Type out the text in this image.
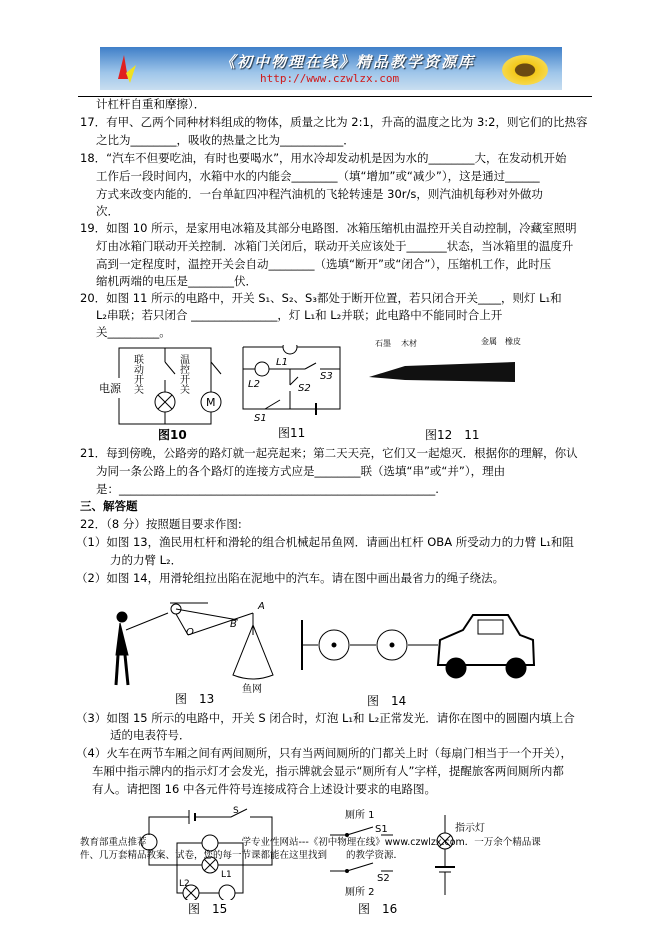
《初中物理在线》精品教学资源库
http://www.czwlzx.com
计杠杆自重和摩擦）．
17．有甲、乙两个同种材料组成的物体，质量之比为 2:1，升高的温度之比为 3:2，则它们的比热容
之比为________，吸收的热量之比为___________．
18．“汽车不但要吃油，有时也要喝水”，用水冷却发动机是因为水的________大，在发动机开始
工作后一段时间内，水箱中水的内能会________（填“增加”或“减少”），这是通过______
方式来改变内能的．一台单缸四冲程汽油机的飞轮转速是 30r/s，则汽油机每秒对外做功
次．
19．如图 10 所示，是家用电冰箱及其部分电路图．冰箱压缩机由温控开关自动控制，冷藏室照明
灯由冰箱门联动开关控制．冰箱门关闭后，联动开关应该处于_______状态，当冰箱里的温度升
高到一定程度时，温控开关会自动________（选填“断开”或“闭合”），压缩机工作，此时压
缩机两端的电压是________伏．
20．如图 11 所示的电路中，开关 S₁、S₂、S₃都处于断开位置，若只闭合开关____，则灯 L₁和
L₂串联；若只闭合 _______________，灯 L₁和 L₂并联；此电路中不能同时合上开
关_________。
电源 联动开关	温控开关
M
图10
L1
L2
S1
S2
S3
图11
石墨 木材	金属 橡皮
图12　11
21．每到傍晚，公路旁的路灯就一起亮起来；第二天天亮，它们又一起熄灭．根据你的理解，你认
为同一条公路上的各个路灯的连接方式应是________联（选填“串”或“并”），理由
是：_______________________________________________________.
三、解答题
22．（8 分）按照题目要求作图:
（1）如图 13，渔民用杠杆和滑轮的组合机械起吊鱼网．请画出杠杆 OBA 所受动力的力臂 L₁和阻
力的力臂 L₂．
（2）如图 14，用滑轮组拉出陷在泥地中的汽车。请在图中画出最省力的绳子绕法。
O
B
A
鱼网
图　13	图　14
（3）如图 15 所示的电路中，开关 S 闭合时，灯泡 L₁和 L₂正常发光．请你在图中的圆圈内填上合
适的电表符号．
（4）火车在两节车厢之间有两间厕所，只有当两间厕所的门都关上时（每扇门相当于一个开关），
车厢中指示牌内的指示灯才会发光，指示牌就会显示“厕所有人”字样，提醒旅客两间厕所内都
有人。请把图 16 中各元件符号连接成符合上述设计要求的电路图。
S
L1
L2
图　15
厕所 1
S1
S2
厕所 2
指示灯
图　16
教育部重点推荐　　　　　　　　　　学专业性网站---《初中物理在线》www.czwlzx.com．一万余个精品课
件、几万套精品教案、试卷，您的每一节课都能在这里找到　　的教学资源．
